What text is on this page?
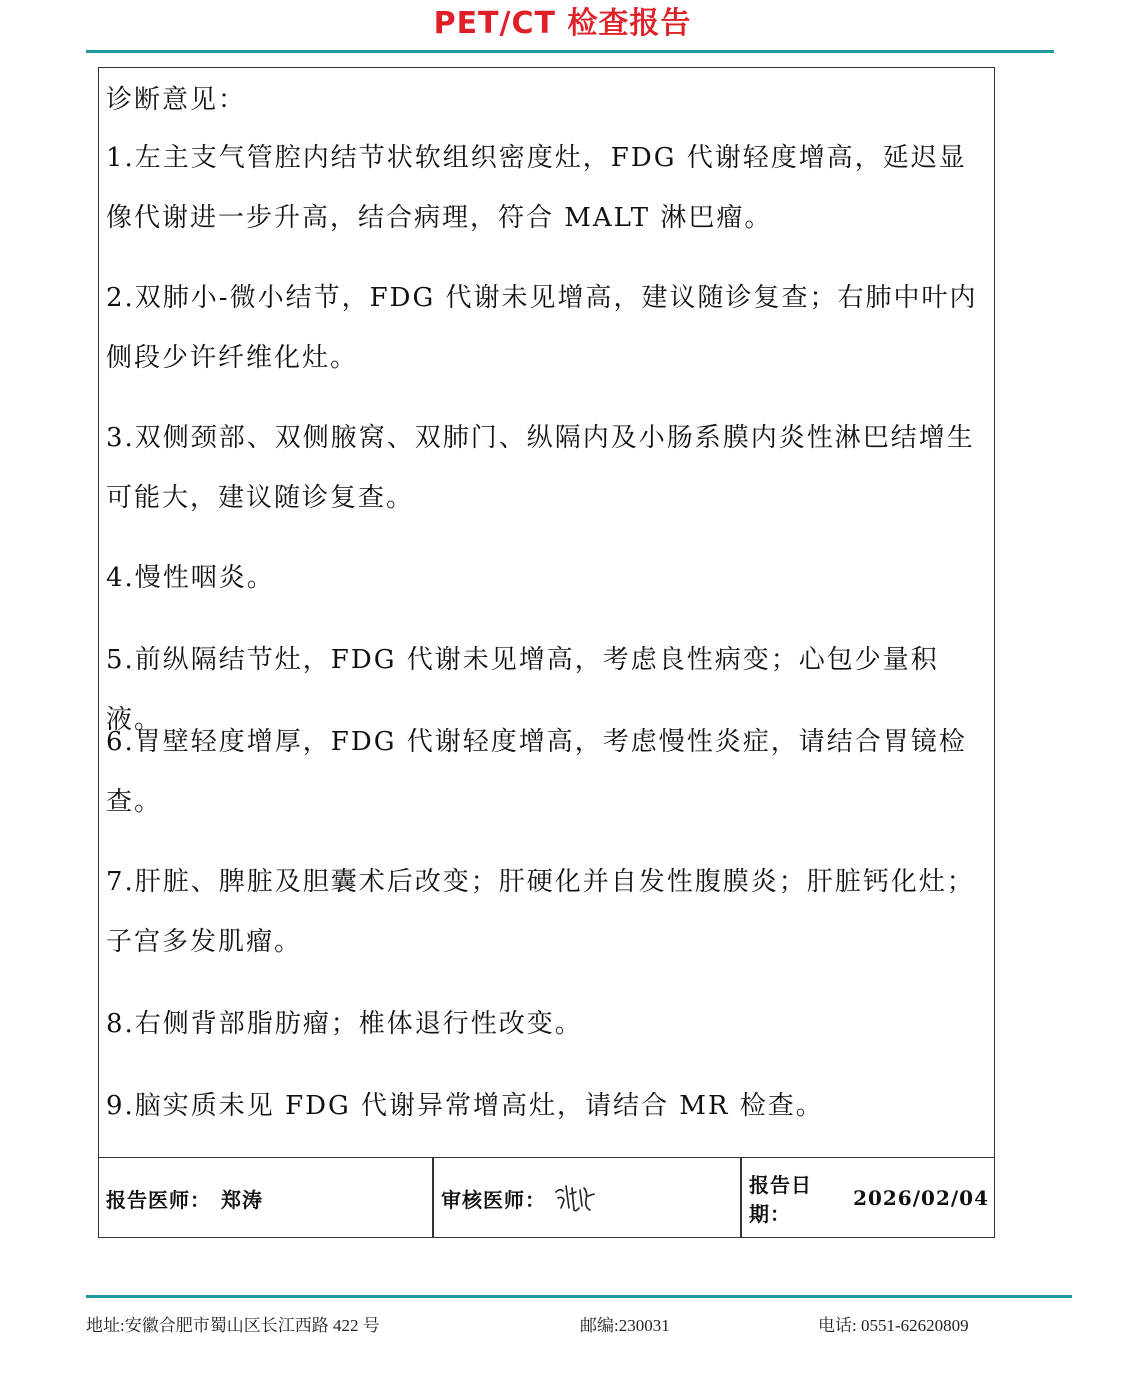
PET/CT 检查报告
诊断意见：
1.左主支气管腔内结节状软组织密度灶，FDG 代谢轻度增高，延迟显像代谢进一步升高，结合病理，符合 MALT 淋巴瘤。
2.双肺小-微小结节，FDG 代谢未见增高，建议随诊复查；右肺中叶内侧段少许纤维化灶。
3.双侧颈部、双侧腋窝、双肺门、纵隔内及小肠系膜内炎性淋巴结增生可能大，建议随诊复查。
4.慢性咽炎。
5.前纵隔结节灶，FDG 代谢未见增高，考虑良性病变；心包少量积液。
6.胃壁轻度增厚，FDG 代谢轻度增高，考虑慢性炎症，请结合胃镜检查。
7.肝脏、脾脏及胆囊术后改变；肝硬化并自发性腹膜炎；肝脏钙化灶；子宫多发肌瘤。
8.右侧背部脂肪瘤；椎体退行性改变。
9.脑实质未见 FDG 代谢异常增高灶，请结合 MR 检查。
报告医师： 郑涛	审核医师：
报告日期：
2026/02/04
地址:安徽合肥市蜀山区长江西路 422 号	邮编:230031	电话: 0551-62620809
